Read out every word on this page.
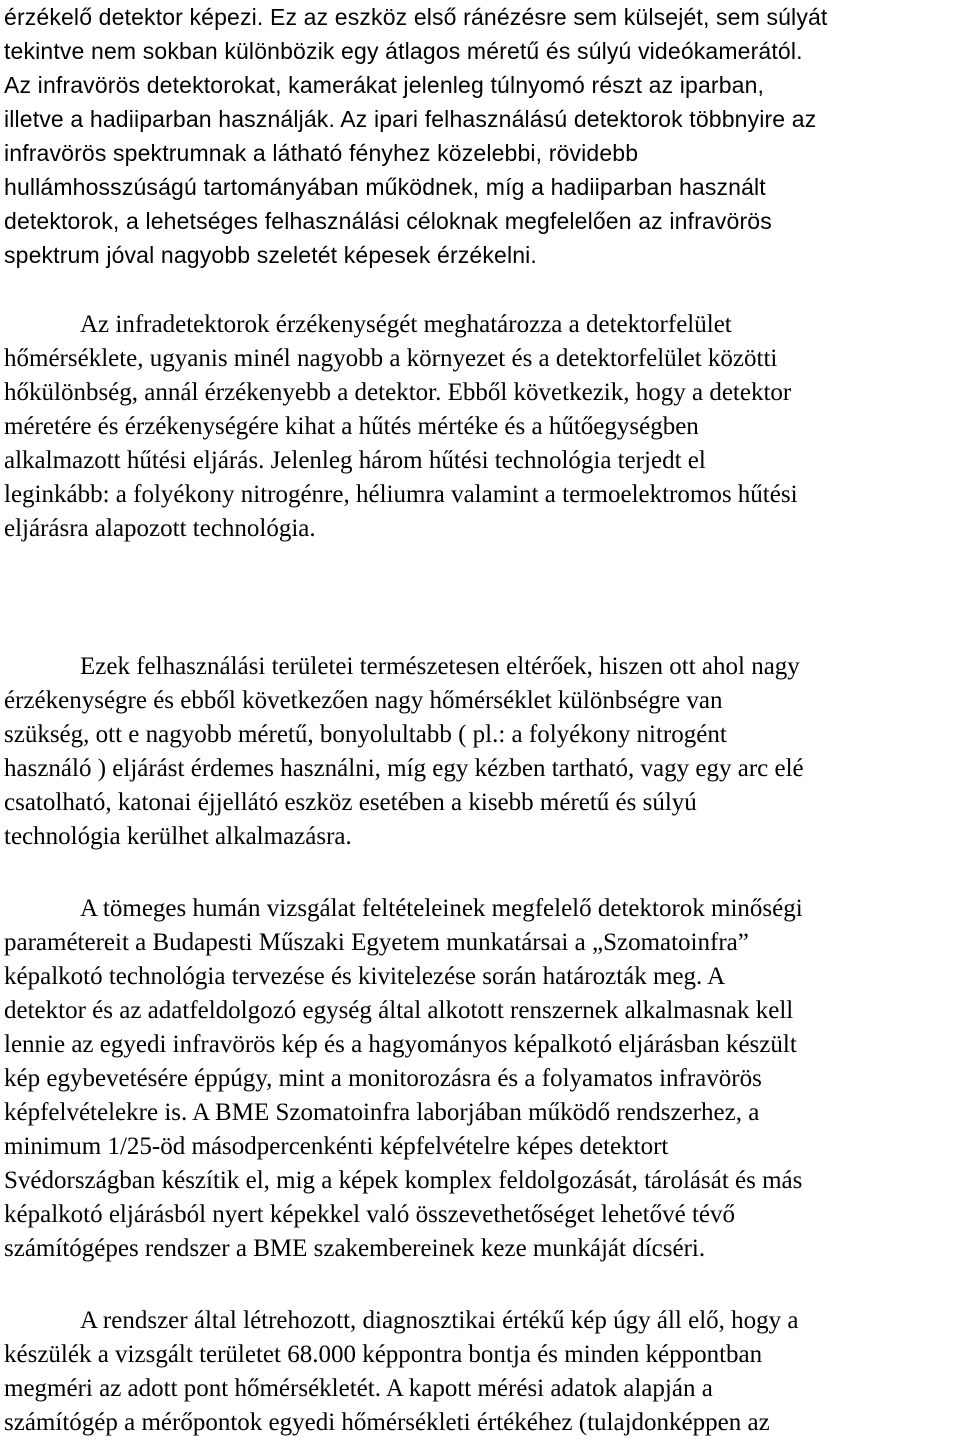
érzékelő detektor képezi. Ez az eszköz első ránézésre sem külsejét, sem súlyát

tekintve nem sokban különbözik egy átlagos méretű és súlyú videókamerától.

Az infravörös detektorokat, kamerákat jelenleg túlnyomó részt az iparban,

illetve a hadiiparban használják. Az ipari felhasználású detektorok többnyire az

infravörös spektrumnak a látható fényhez közelebbi, rövidebb

hullámhosszúságú tartományában működnek, míg a hadiiparban használt

detektorok, a lehetséges felhasználási céloknak megfelelően az infravörös

spektrum jóval nagyobb szeletét képesek érzékelni.

Az infradetektorok érzékenységét meghatározza a detektorfelület

hőmérséklete, ugyanis minél nagyobb a környezet és a detektorfelület közötti

hőkülönbség, annál érzékenyebb a detektor. Ebből következik, hogy a detektor

méretére és érzékenységére kihat a hűtés mértéke és a hűtőegységben

alkalmazott hűtési eljárás. Jelenleg három hűtési technológia terjedt el

leginkább: a folyékony nitrogénre, héliumra valamint a termoelektromos hűtési

eljárásra alapozott technológia.

Ezek felhasználási területei természetesen eltérőek, hiszen ott ahol nagy

érzékenységre és ebből következően nagy hőmérséklet különbségre van

szükség, ott e nagyobb méretű, bonyolultabb ( pl.: a folyékony nitrogént

használó ) eljárást érdemes használni, míg egy kézben tartható, vagy egy arc elé

csatolható, katonai éjjellátó eszköz esetében a kisebb méretű és súlyú

technológia kerülhet alkalmazásra.

A tömeges humán vizsgálat feltételeinek megfelelő detektorok minőségi

paramétereit a Budapesti Műszaki Egyetem munkatársai a „Szomatoinfra”

képalkotó technológia tervezése és kivitelezése során határozták meg. A

detektor és az adatfeldolgozó egység által alkotott renszernek alkalmasnak kell

lennie az egyedi infravörös kép és a hagyományos képalkotó eljárásban készült

kép egybevetésére éppúgy, mint a monitorozásra és a folyamatos infravörös

képfelvételekre is. A BME Szomatoinfra laborjában működő rendszerhez, a

minimum 1/25-öd másodpercenkénti képfelvételre képes detektort

Svédországban készítik el, mig a képek komplex feldolgozását, tárolását és más

képalkotó eljárásból nyert képekkel való összevethetőséget lehetővé tévő

számítógépes rendszer a BME szakembereinek keze munkáját dícséri.

A rendszer által létrehozott, diagnosztikai értékű kép úgy áll elő, hogy a

készülék a vizsgált területet 68.000 képpontra bontja és minden képpontban

megméri az adott pont hőmérsékletét. A kapott mérési adatok alapján a

számítógép a mérőpontok egyedi hőmérsékleti értékéhez (tulajdonképpen az
